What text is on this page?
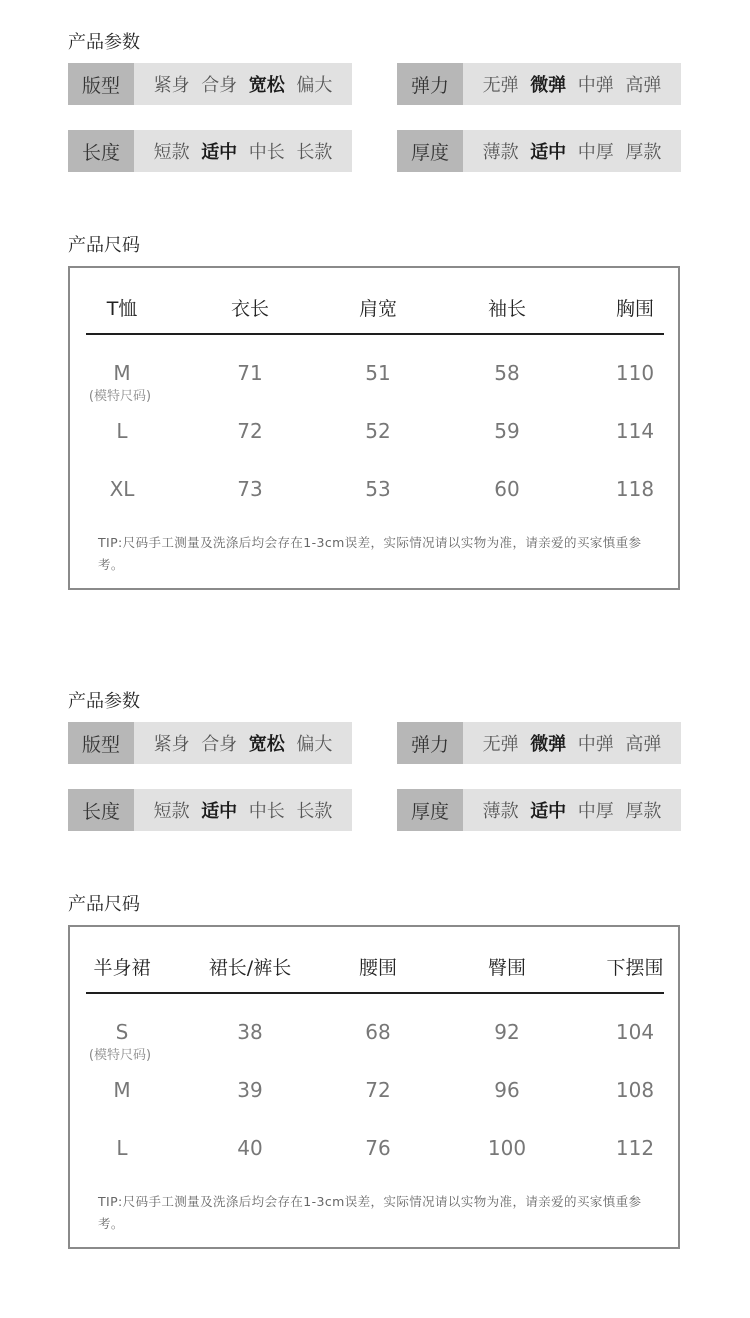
产品参数
版型	紧身 合身 宽松 偏大	弹力	无弹 微弹 中弹 高弹
长度	短款 适中 中长 长款	厚度	薄款 适中 中厚 厚款
产品尺码
T恤	衣长	肩宽	袖长	胸围
M	71	51	58	110
(模特尺码)
L	72	52	59	114
XL	73	53	60	118
TIP:尺码手工测量及洗涤后均会存在1-3cm误差，实际情况请以实物为准，请亲爱的买家慎重参考。
产品参数
版型	紧身 合身 宽松 偏大	弹力	无弹 微弹 中弹 高弹
长度	短款 适中 中长 长款	厚度	薄款 适中 中厚 厚款
产品尺码
半身裙	裙长/裤长	腰围	臀围	下摆围
S	38	68	92	104
(模特尺码)
M	39	72	96	108
L	40	76	100	112
TIP:尺码手工测量及洗涤后均会存在1-3cm误差，实际情况请以实物为准，请亲爱的买家慎重参考。
